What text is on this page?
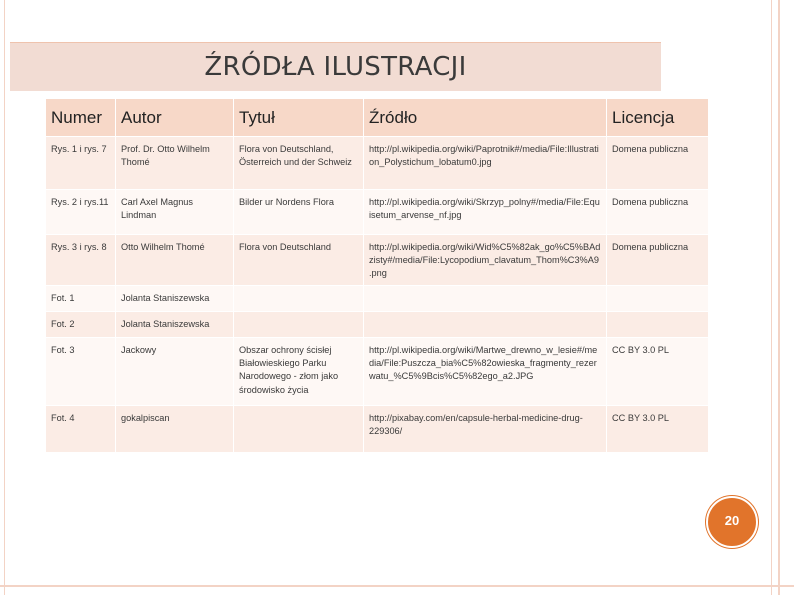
ŹRÓDŁA ILUSTRACJI
Numer	Autor	Tytuł	Źródło	Licencja
Rys. 1 i rys. 7	Prof. Dr. Otto Wilhelm Thomé	Flora von Deutschland, Österreich und der Schweiz	http://pl.wikipedia.org/wiki/Paprotnik#/media/File:Illustration_Polystichum_lobatum0.jpg	Domena publiczna
Rys. 2 i rys.11	Carl Axel Magnus Lindman	Bilder ur Nordens Flora	http://pl.wikipedia.org/wiki/Skrzyp_polny#/media/File:Equisetum_arvense_nf.jpg	Domena publiczna
Rys. 3 i rys. 8	Otto Wilhelm Thomé	Flora von Deutschland	http://pl.wikipedia.org/wiki/Wid%C5%82ak_go%C5%BAdzisty#/media/File:Lycopodium_clavatum_Thom%C3%A9.png	Domena publiczna
Fot. 1	Jolanta Staniszewska			
Fot. 2	Jolanta Staniszewska			
Fot. 3	Jackowy	Obszar ochrony ścisłej Białowieskiego Parku Narodowego - złom jako środowisko życia	http://pl.wikipedia.org/wiki/Martwe_drewno_w_lesie#/media/File:Puszcza_bia%C5%82owieska_fragmenty_rezerwatu_%C5%9Bcis%C5%82ego_a2.JPG	CC BY 3.0 PL
Fot. 4	gokalpiscan		http://pixabay.com/en/capsule-herbal-medicine-drug-229306/	CC BY 3.0 PL
20
